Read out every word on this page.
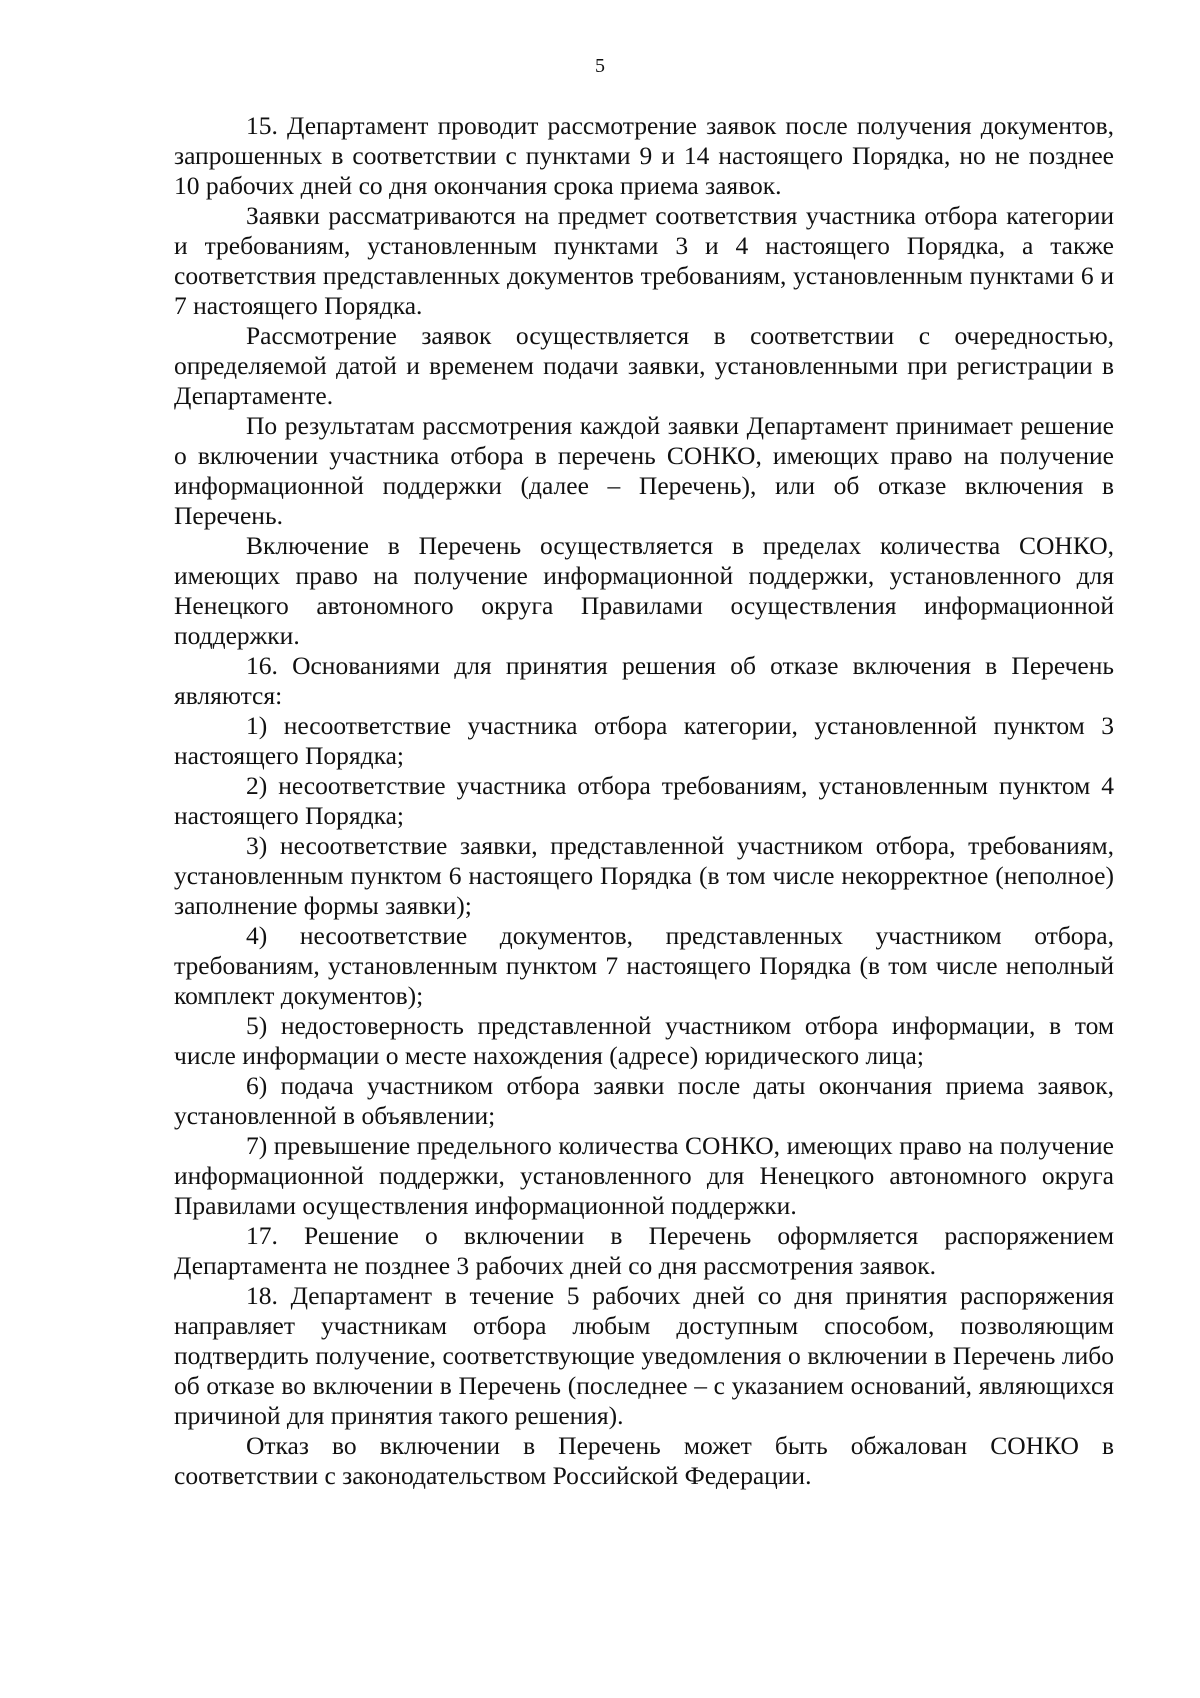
5

15. Департамент проводит рассмотрение заявок после получения документов, запрошенных в соответствии с пунктами 9 и 14 настоящего Порядка, но не позднее 10 рабочих дней со дня окончания срока приема заявок.

Заявки рассматриваются на предмет соответствия участника отбора категории и требованиям, установленным пунктами 3 и 4 настоящего Порядка, а также соответствия представленных документов требованиям, установленным пунктами 6 и 7 настоящего Порядка.

Рассмотрение заявок осуществляется в соответствии с очередностью, определяемой датой и временем подачи заявки, установленными при регистрации в Департаменте.

По результатам рассмотрения каждой заявки Департамент принимает решение о включении участника отбора в перечень СОНКО, имеющих право на получение информационной поддержки (далее – Перечень), или об отказе включения в Перечень.

Включение в Перечень осуществляется в пределах количества СОНКО, имеющих право на получение информационной поддержки, установленного для Ненецкого автономного округа Правилами осуществления информационной поддержки.

16. Основаниями для принятия решения об отказе включения в Перечень являются:

1) несоответствие участника отбора категории, установленной пунктом 3 настоящего Порядка;

2) несоответствие участника отбора требованиям, установленным пунктом 4 настоящего Порядка;

3) несоответствие заявки, представленной участником отбора, требованиям, установленным пунктом 6 настоящего Порядка (в том числе некорректное (неполное) заполнение формы заявки);

4) несоответствие документов, представленных участником отбора, требованиям, установленным пунктом 7 настоящего Порядка (в том числе неполный комплект документов);

5) недостоверность представленной участником отбора информации, в том числе информации о месте нахождения (адресе) юридического лица;

6) подача участником отбора заявки после даты окончания приема заявок, установленной в объявлении;

7) превышение предельного количества СОНКО, имеющих право на получение информационной поддержки, установленного для Ненецкого автономного округа Правилами осуществления информационной поддержки.

17. Решение о включении в Перечень оформляется распоряжением Департамента не позднее 3 рабочих дней со дня рассмотрения заявок.

18. Департамент в течение 5 рабочих дней со дня принятия распоряжения направляет участникам отбора любым доступным способом, позволяющим подтвердить получение, соответствующие уведомления о включении в Перечень либо об отказе во включении в Перечень (последнее – с указанием оснований, являющихся причиной для принятия такого решения).

Отказ во включении в Перечень может быть обжалован СОНКО в соответствии с законодательством Российской Федерации.
